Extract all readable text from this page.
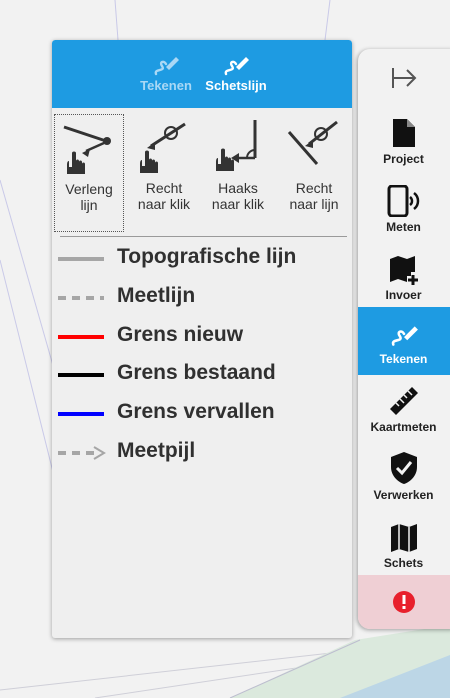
Tekenen	Schetslijn
Verleng lijn
Recht naar klik
Haaks naar klik
Recht naar lijn
Topografische lijn
Meetlijn
Grens nieuw
Grens bestaand
Grens vervallen
Meetpijl
Project
Meten
Invoer
Tekenen
Kaartmeten
Verwerken
Schets
